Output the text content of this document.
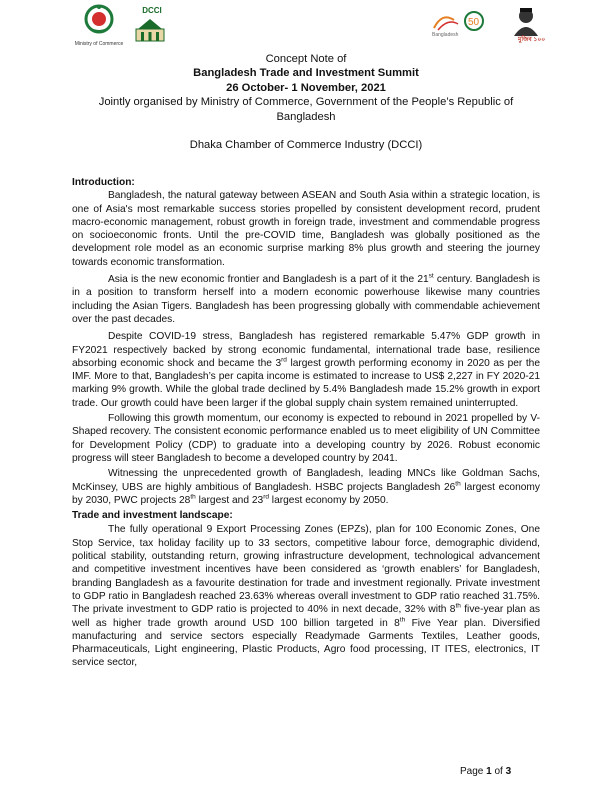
Ministry of Commerce
DCCI
50
Bangladesh
মুজিব ১০০
Concept Note of
Bangladesh Trade and Investment Summit
26 October- 1 November, 2021
Jointly organised by Ministry of Commerce, Government of the People’s Republic of Bangladesh
Dhaka Chamber of Commerce Industry (DCCI)
Introduction:

Bangladesh, the natural gateway between ASEAN and South Asia within a strategic location, is one of Asia's most remarkable success stories propelled by consistent development record, prudent macro-economic management, robust growth in foreign trade, investment and commendable progress on socioeconomic fronts. Until the pre-COVID time, Bangladesh was globally positioned as the development role model as an economic surprise marking 8% plus growth and steering the journey towards economic transformation.

Asia is the new economic frontier and Bangladesh is a part of it the 21st century. Bangladesh is in a position to transform herself into a modern economic powerhouse likewise many countries including the Asian Tigers. Bangladesh has been progressing globally with commendable achievement over the past decades.

Despite COVID-19 stress, Bangladesh has registered remarkable 5.47% GDP growth in FY2021 respectively backed by strong economic fundamental, international trade base, resilience absorbing economic shock and became the 3rd largest growth performing economy in 2020 as per the IMF. More to that, Bangladesh’s per capita income is estimated to increase to US$ 2,227 in FY 2020-21 marking 9% growth. While the global trade declined by 5.4% Bangladesh made 15.2% growth in export trade. Our growth could have been larger if the global supply chain system remained uninterrupted.

Following this growth momentum, our economy is expected to rebound in 2021 propelled by V-Shaped recovery. The consistent economic performance enabled us to meet eligibility of UN Committee for Development Policy (CDP) to graduate into a developing country by 2026. Robust economic progress will steer Bangladesh to become a developed country by 2041.

Witnessing the unprecedented growth of Bangladesh, leading MNCs like Goldman Sachs, McKinsey, UBS are highly ambitious of Bangladesh. HSBC projects Bangladesh 26th largest economy by 2030, PWC projects 28th largest and 23rd largest economy by 2050.

Trade and investment landscape:

The fully operational 9 Export Processing Zones (EPZs), plan for 100 Economic Zones, One Stop Service, tax holiday facility up to 33 sectors, competitive labour force, demographic dividend, political stability, outstanding return, growing infrastructure development, technological advancement and competitive investment incentives have been considered as ‘growth enablers’ for Bangladesh, branding Bangladesh as a favourite destination for trade and investment regionally. Private investment to GDP ratio in Bangladesh reached 23.63% whereas overall investment to GDP ratio reached 31.75%. The private investment to GDP ratio is projected to 40% in next decade, 32% with 8th five-year plan as well as higher trade growth around USD 100 billion targeted in 8th Five Year plan. Diversified manufacturing and service sectors especially Readymade Garments Textiles, Leather goods, Pharmaceuticals, Light engineering, Plastic Products, Agro food processing, IT ITES, electronics, IT service sector,

Page 1 of 3
